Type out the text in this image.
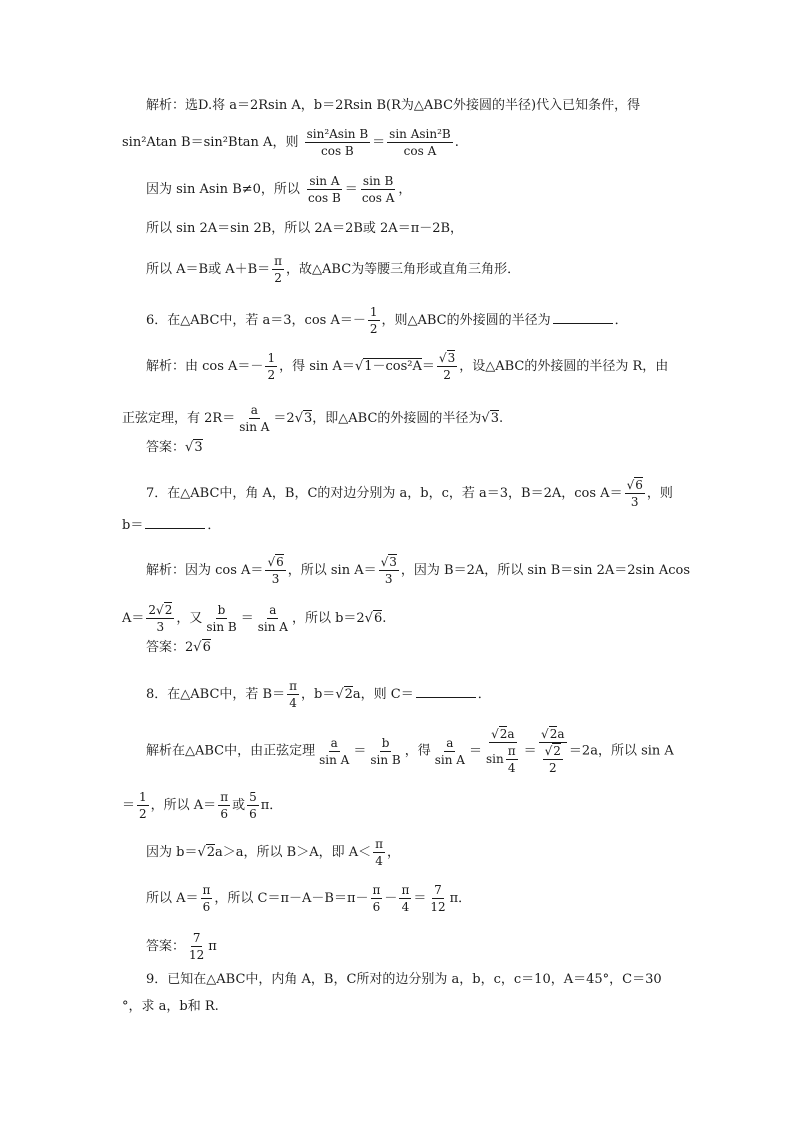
解析：选D.将 a＝2Rsin A，b＝2Rsin B(R为△ABC外接圆的半径)代入已知条件，得
sin²Atan B＝sin²Btan A，则 $\frac{\text{sin²Asin B}}{\text{cos B}} = \frac{\text{sin Asin²B}}{\text{cos A}}$ .
因为 sin Asin B≠0，所以 $\frac{\text{sin A}}{\text{cos B}} = \frac{\text{sin B}}{\text{cos A}}$ ，
所以 sin 2A＝sin 2B，所以 2A＝2B或 2A＝π－2B，
所以 A＝B或 $A+B= \frac{\pi}{2}$ ，故△ABC为等腰三角形或直角三角形．
6．在△ABC中，若 a＝3，$\cos A=- \frac{1}{2}$ ，则△ABC的外接圆的半径为	．
解析：由 $\cos A=- \frac{1}{2}$ ，得 sin A＝√ 1－cos²A＝
√ $\frac{3}{2}$ ，设△ABC的外接圆的半径为 R，由
正弦定理，有 $2R= \frac{a}{\text{sin A}} =2√$ 3，即△ABC的外接圆的半径为√ 3.
答案：√ 3
7．在△ABC中，角 A，B，C的对边分别为 a，b，c，若 a＝3，B＝2A，cos A＝
√ $\frac{6}{3}$ ，则
b＝	．
解析：因为 cos A＝
√ $\frac{6}{3}$ ，所以 sin A＝
√ $\frac{3}{3}$ ，因为 B＝2A，所以 sin B＝sin 2A＝2sin Acos
$A= \frac{2√ 2}{3}$ ，又 $\frac{b}{\text{sin B}} = \frac{a}{\text{sin A}}$ ，所以 b＝2√ 6.
答案：2√ 6
8．在△ABC中，若 $B= \frac{\pi}{4}$ ，b＝√ 2a，则 C＝	．
解析在△ABC中，由正弦定理 $\frac{a}{\text{sin A}} = \frac{b}{\text{sin B}}$ ，得 $\frac{a}{\text{sin A}}$ ＝
√ $\frac{2a}{\sin \frac{\pi}{4}}$ ＝
√ 2a
√ $\frac{2}{2} =2a$，所以 sin A
＝ $\frac{1}{2}$ ，所以 $A= \frac{\pi}{6}$ 或 $\frac{5}{6}$ π．
因为 b＝√ 2a＞a，所以 B＞A，即 $A< \frac{\pi}{4}$ ，
所以 $A= \frac{\pi}{6}$ ，所以 $C=\pi-A-B=\pi- \frac{\pi}{6} - \frac{\pi}{4} = \frac{7}{12}$ π．
答案： $\frac{7}{12}$ π
9．已知在△ABC中，内角 A，B，C所对的边分别为 a，b，c，c＝10，A＝45°，C＝30
°，求 a，b和 R.
